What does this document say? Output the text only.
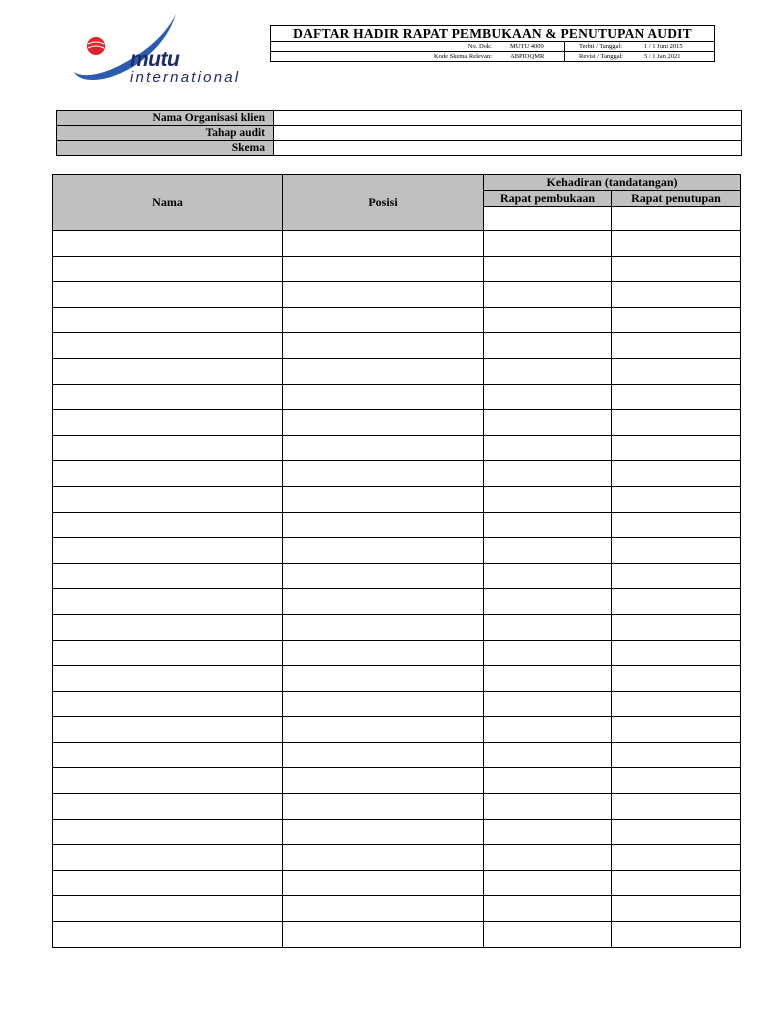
mutu
international
DAFTAR HADIR RAPAT PEMBUKAAN & PENUTUPAN AUDIT
No. Dok:	MUTU 4009	Terbit / Tanggal:	1 / 1 Juni 2015
Kode Skema Relevan:	ABPIOQMR	Revisi / Tanggal:	5 / 1 Jan 2021
Nama Organisasi klien	
Tahap audit	
Skema	
Nama	Posisi	Kehadiran (tandatangan)	
		Rapat pembukaan	Rapat penutupan
